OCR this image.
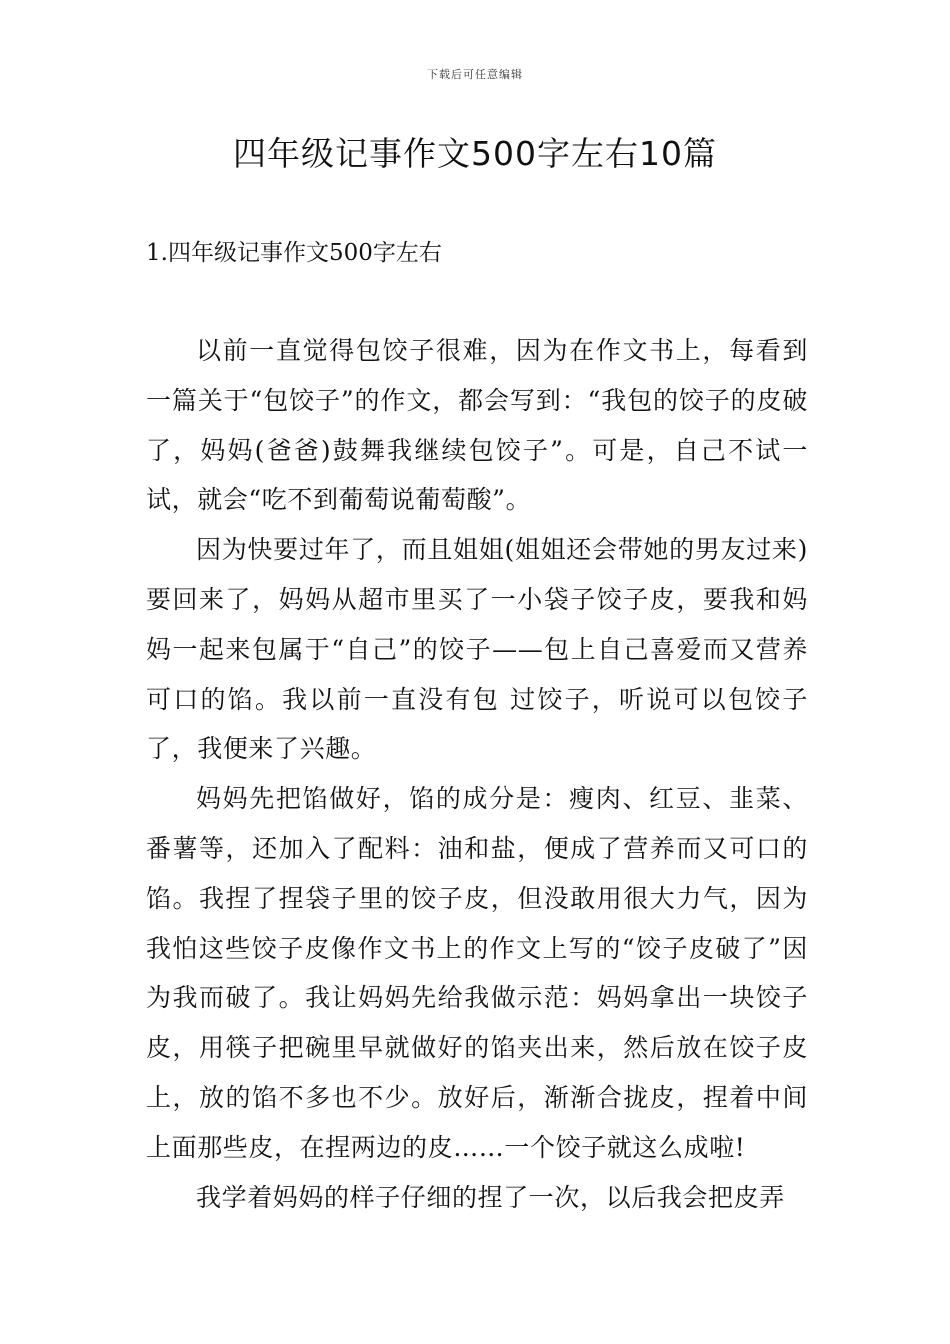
下载后可任意编辑
四年级记事作文500字左右10篇
1.四年级记事作文500字左右

以前一直觉得包饺子很难，因为在作文书上，每看到一篇关于“包饺子”的作文，都会写到：“我包的饺子的皮破了，妈妈(爸爸)鼓舞我继续包饺子”。可是，自己不试一试，就会“吃不到葡萄说葡萄酸”。

因为快要过年了，而且姐姐(姐姐还会带她的男友过来)要回来了，妈妈从超市里买了一小袋子饺子皮，要我和妈妈一起来包属于“自己”的饺子——包上自己喜爱而又营养可口的馅。我以前一直没有包 过饺子，听说可以包饺子了，我便来了兴趣。

妈妈先把馅做好，馅的成分是：瘦肉、红豆、韭菜、番薯等，还加入了配料：油和盐，便成了营养而又可口的馅。我捏了捏袋子里的饺子皮，但没敢用很大力气，因为我怕这些饺子皮像作文书上的作文上写的“饺子皮破了”因为我而破了。我让妈妈先给我做示范：妈妈拿出一块饺子皮，用筷子把碗里早就做好的馅夹出来，然后放在饺子皮上，放的馅不多也不少。放好后，渐渐合拢皮，捏着中间上面那些皮，在捏两边的皮……一个饺子就这么成啦!

我学着妈妈的样子仔细的捏了一次，以后我会把皮弄
